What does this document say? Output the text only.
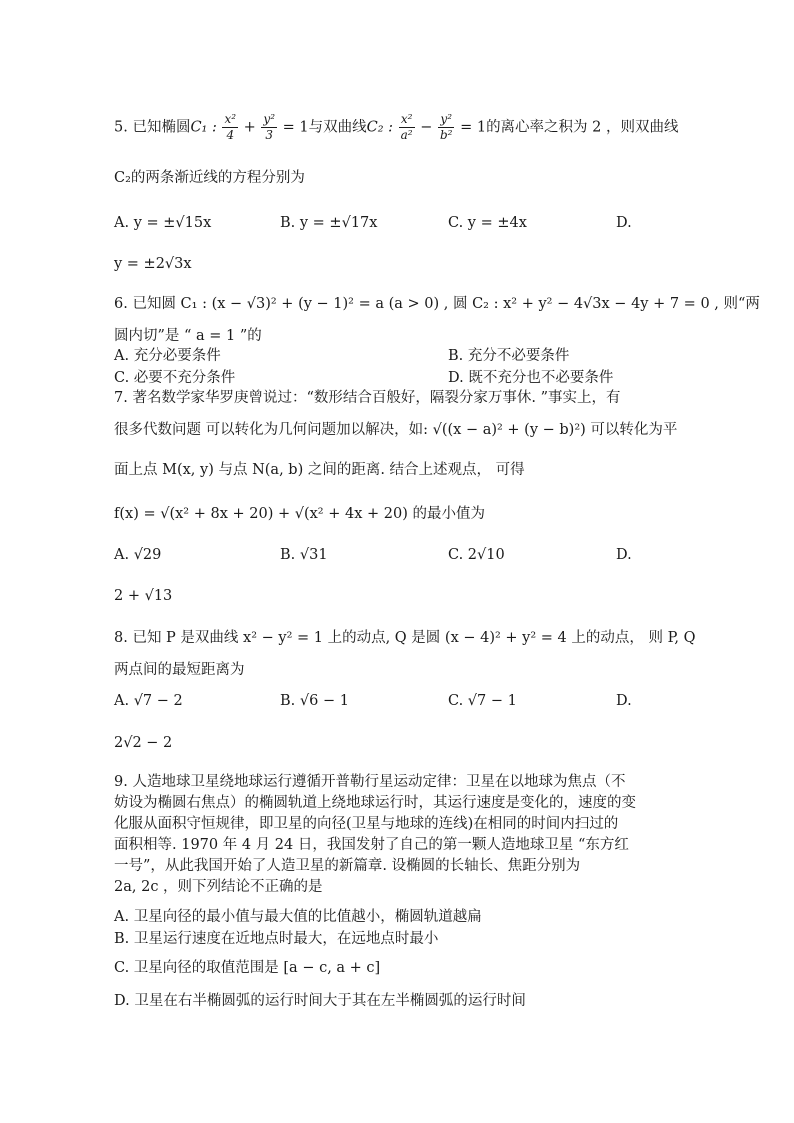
5. 已知椭圆C₁ : $\frac{\text{x²}}{4} + \frac{\text{y²}}{3} = 1$与双曲线C₂ : $\frac{\text{x²}}{\text{a²}} - \frac{\text{y²}}{\text{b²}} = 1$的离心率之积为 2 ，则双曲线
C₂的两条渐近线的方程分别为
A. y = ±√15x	B. y = ±√17x	C. y = ±4x	D.
y = ±2√3x
6. 已知圆 C₁ : (x − √3)² + (y − 1)² = a (a > 0) , 圆 C₂ : x² + y² − 4√3x − 4y + 7 = 0 , 则“两
圆内切”是 “ a = 1 ”的
A. 充分必要条件	B. 充分不必要条件
C. 必要不充分条件	D. 既不充分也不必要条件
7. 著名数学家华罗庚曾说过：“数形结合百般好，隔裂分家万事休. ”事实上，有
很多代数问题 可以转化为几何问题加以解决，如: √((x − a)² + (y − b)²) 可以转化为平
面上点 M(x, y) 与点 N(a, b) 之间的距离. 结合上述观点， 可得
f(x) = √(x² + 8x + 20) + √(x² + 4x + 20) 的最小值为
A. √29	B. √31	C. 2√10	D.
2 + √13
8. 已知 P 是双曲线 x² − y² = 1 上的动点, Q 是圆 (x − 4)² + y² = 4 上的动点， 则 P, Q
两点间的最短距离为
A. √7 − 2	B. √6 − 1	C. √7 − 1	D.
2√2 − 2
9. 人造地球卫星绕地球运行遵循开普勒行星运动定律：卫星在以地球为焦点（不
妨设为椭圆右焦点）的椭圆轨道上绕地球运行时，其运行速度是变化的，速度的变
化服从面积守恒规律，即卫星的向径(卫星与地球的连线)在相同的时间内扫过的
面积相等. 1970 年 4 月 24 日，我国发射了自己的第一颗人造地球卫星 “东方红
一号”，从此我国开始了人造卫星的新篇章. 设椭圆的长轴长、焦距分别为
2a, 2c ，则下列结论不正确的是
A. 卫星向径的最小值与最大值的比值越小，椭圆轨道越扁
B. 卫星运行速度在近地点时最大，在远地点时最小
C. 卫星向径的取值范围是 [a − c, a + c]
D. 卫星在右半椭圆弧的运行时间大于其在左半椭圆弧的运行时间
